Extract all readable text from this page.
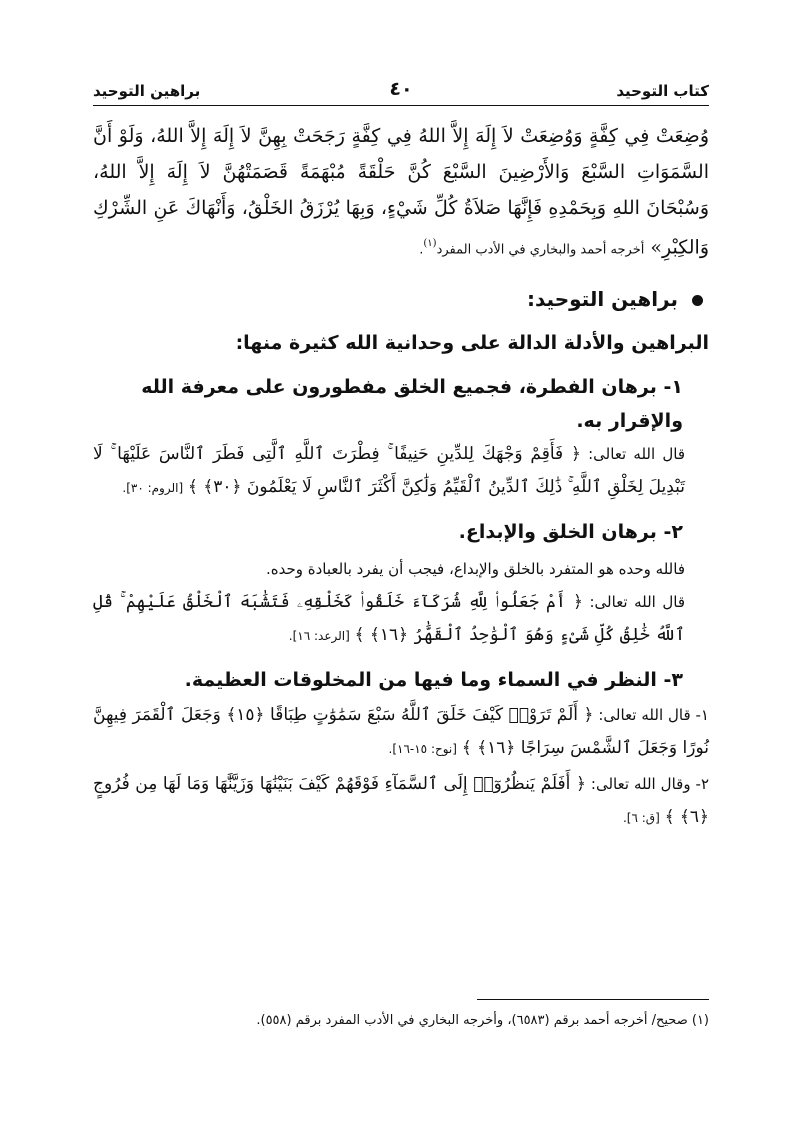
كتاب التوحيد
٤٠
براهين التوحيد
وُضِعَتْ فِي كِفَّةٍ وَوُضِعَتْ لاَ إِلَهَ إِلاَّ اللهُ فِي كِفَّةٍ رَجَحَتْ بِهِنَّ لاَ إِلَهَ إِلاَّ اللهُ، وَلَوْ أَنَّ السَّمَوَاتِ السَّبْعَ وَالأَرْضِينَ السَّبْعَ كُنَّ حَلْقَةً مُبْهَمَةً قَصَمَتْهُنَّ لاَ إِلَهَ إِلاَّ اللهُ، وَسُبْحَانَ اللهِ وَبِحَمْدِهِ فَإِنَّهَا صَلاَةُ كُلِّ شَيْءٍ، وَبِهَا يُرْزَقُ الخَلْقُ، وَأَنْهَاكَ عَنِ الشِّرْكِ وَالكِبْرِ» أخرجه أحمد والبخاري في الأدب المفرد$^{(١)}$.
براهين التوحيد:
البراهين والأدلة الدالة على وحدانية الله كثيرة منها:
١- برهان الفطرة، فجميع الخلق مفطورون على معرفة الله والإقرار به.
قال الله تعالى: ﴿ فَأَقِمْ وَجْهَكَ لِلدِّينِ حَنِيفًا ۚ فِطْرَتَ ٱللَّهِ ٱلَّتِى فَطَرَ ٱلنَّاسَ عَلَيْهَا ۚ لَا تَبْدِيلَ لِخَلْقِ ٱللَّهِ ۚ ذَٰلِكَ ٱلدِّينُ ٱلْقَيِّمُ وَلَٰكِنَّ أَكْثَرَ ٱلنَّاسِ لَا يَعْلَمُونَ ﴿٣٠﴾ ﴾ [الروم: ٣٠].
٢- برهان الخلق والإبداع.
فالله وحده هو المتفرد بالخلق والإبداع، فيجب أن يفرد بالعبادة وحده.
قال الله تعالى: ﴿ أَمْ جَعَلُوا۟ لِلَّهِ شُرَكَآءَ خَلَقُوا۟ كَخَلْقِهِۦ فَتَشَٰبَهَ ٱلْخَلْقُ عَلَيْهِمْ ۚ قُلِ ٱللَّهُ خَٰلِقُ كُلِّ شَىْءٍ وَهُوَ ٱلْوَٰحِدُ ٱلْقَهَّٰرُ ﴿١٦﴾ ﴾ [الرعد: ١٦].
٣- النظر في السماء وما فيها من المخلوقات العظيمة.
١- قال الله تعالى: ﴿ أَلَمْ تَرَوْا۟ كَيْفَ خَلَقَ ٱللَّهُ سَبْعَ سَمَٰوَٰتٍ طِبَاقًا ﴿١٥﴾ وَجَعَلَ ٱلْقَمَرَ فِيهِنَّ نُورًا وَجَعَلَ ٱلشَّمْسَ سِرَاجًا ﴿١٦﴾ ﴾ [نوح: ١٥-١٦].
٢- وقال الله تعالى: ﴿ أَفَلَمْ يَنظُرُوٓا۟ إِلَى ٱلسَّمَآءِ فَوْقَهُمْ كَيْفَ بَنَيْنَٰهَا وَزَيَّنَّٰهَا وَمَا لَهَا مِن فُرُوجٍ ﴿٦﴾ ﴾ [ق: ٦].
(١) صحيح/ أخرجه أحمد برقم (٦٥٨٣)، وأخرجه البخاري في الأدب المفرد برقم (٥٥٨).
